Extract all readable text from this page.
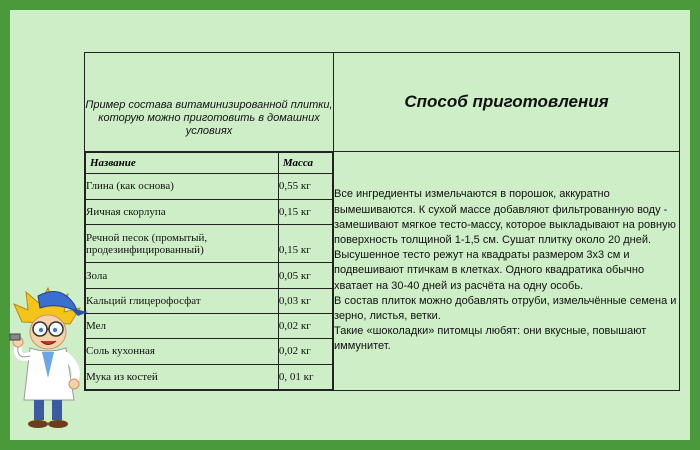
Пример состава витаминизированной плитки, которую можно приготовить в домашних условиях
	Способ приготовления

Название	Масса
Глина (как основа)	0,55 кг
Яичная скорлупа	0,15 кг
Речной песок (промытый, продезинфицированный)	0,15 кг
Зола	0,05 кг
Кальций глицерофосфат	0,03 кг
Мел	0,02 кг
Соль кухонная	0,02 кг
Мука из костей	0, 01 кг

Все ингредиенты измельчаются в порошок, аккуратно вымешиваются. К сухой массе добавляют фильтрованную воду - замешивают мягкое тесто-массу, которое выкладывают на ровную поверхность толщиной 1-1,5 см. Сушат плитку около 20 дней. Высушенное тесто режут на квадраты размером 3х3 см и подвешивают птичкам в клетках. Одного квадратика обычно хватает на 30-40 дней из расчёта на одну особь.

В состав плиток можно добавлять отруби, измельчённые семена и зерно, листья, ветки.

Такие «шоколадки» питомцы любят: они вкусные, повышают иммунитет.
